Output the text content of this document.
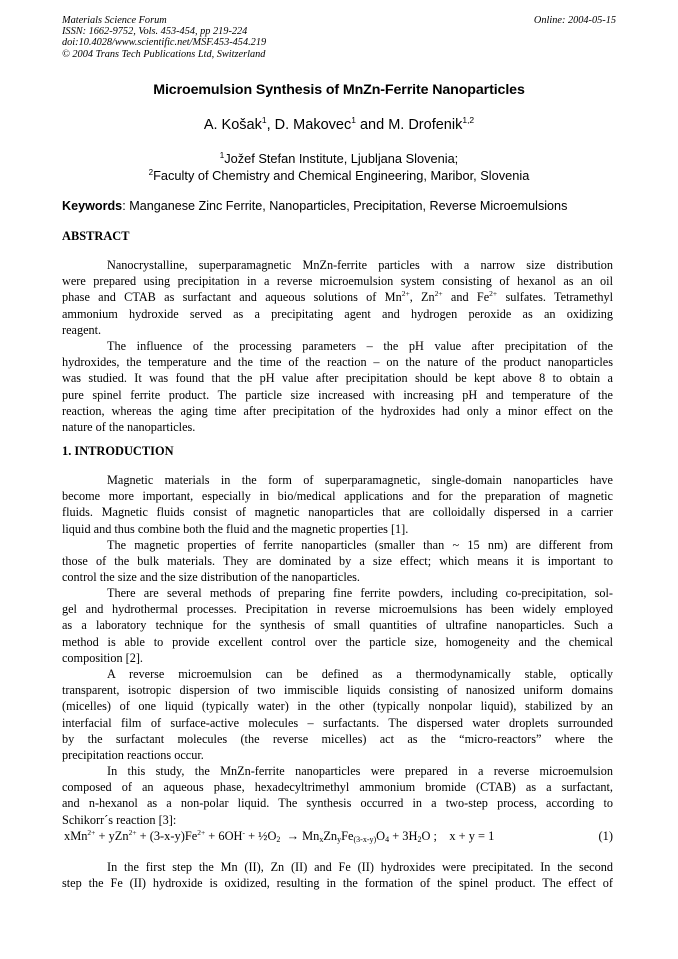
Materials Science Forum
ISSN: 1662-9752, Vols. 453-454, pp 219-224
doi:10.4028/www.scientific.net/MSF.453-454.219
© 2004 Trans Tech Publications Ltd, Switzerland
Online: 2004-05-15
Microemulsion Synthesis of MnZn-Ferrite Nanoparticles
A. Košak$^1$, D. Makovec$^1$ and M. Drofenik$^{1,2}$
$^1$Jožef Stefan Institute, Ljubljana Slovenia;
$^2$Faculty of Chemistry and Chemical Engineering, Maribor, Slovenia
Keywords: Manganese Zinc Ferrite, Nanoparticles, Precipitation, Reverse Microemulsions
ABSTRACT
Nanocrystalline, superparamagnetic MnZn-ferrite particles with a narrow size distribution
were prepared using precipitation in a reverse microemulsion system consisting of hexanol as an oil
phase and CTAB as surfactant and aqueous solutions of $Mn^{2+}$, $Zn^{2+}$ and $Fe^{2+}$ sulfates. Tetramethyl
ammonium hydroxide served as a precipitating agent and hydrogen peroxide as an oxidizing
reagent.
The influence of the processing parameters – the pH value after precipitation of the
hydroxides, the temperature and the time of the reaction – on the nature of the product nanoparticles
was studied. It was found that the pH value after precipitation should be kept above 8 to obtain a
pure spinel ferrite product. The particle size increased with increasing pH and temperature of the
reaction, whereas the aging time after precipitation of the hydroxides had only a minor effect on the
nature of the nanoparticles.
1. INTRODUCTION
Magnetic materials in the form of superparamagnetic, single-domain nanoparticles have
become more important, especially in bio/medical applications and for the preparation of magnetic
fluids. Magnetic fluids consist of magnetic nanoparticles that are colloidally dispersed in a carrier
liquid and thus combine both the fluid and the magnetic properties [1].
The magnetic properties of ferrite nanoparticles (smaller than ~ 15 nm) are different from
those of the bulk materials. They are dominated by a size effect; which means it is important to
control the size and the size distribution of the nanoparticles.
There are several methods of preparing fine ferrite powders, including co-precipitation, sol-
gel and hydrothermal processes. Precipitation in reverse microemulsions has been widely employed
as a laboratory technique for the synthesis of small quantities of ultrafine nanoparticles. Such a
method is able to provide excellent control over the particle size, homogeneity and the chemical
composition [2].
A reverse microemulsion can be defined as a thermodynamically stable, optically
transparent, isotropic dispersion of two immiscible liquids consisting of nanosized uniform domains
(micelles) of one liquid (typically water) in the other (typically nonpolar liquid), stabilized by an
interfacial film of surface-active molecules – surfactants. The dispersed water droplets surrounded
by the surfactant molecules (the reverse micelles) act as the “micro-reactors” where the
precipitation reactions occur.
In this study, the MnZn-ferrite nanoparticles were prepared in a reverse microemulsion
composed of an aqueous phase, hexadecyltrimethyl ammonium bromide (CTAB) as a surfactant,
and n-hexanol as a non-polar liquid. The synthesis occurred in a two-step process, according to
Schikorr´s reaction [3]:
$xMn^{2+} + yZn^{2+} + (3-x-y)Fe^{2+} + 6OH^-$ + $\frac{1}{2}O_2 \to Mn_xZn_yFe_{(3-x-y)}O_4 + 3H_2O$ ;    x + y = 1	(1)
In the first step the Mn (II), Zn (II) and Fe (II) hydroxides were precipitated. In the second
step the Fe (II) hydroxide is oxidized, resulting in the formation of the spinel product. The effect of
